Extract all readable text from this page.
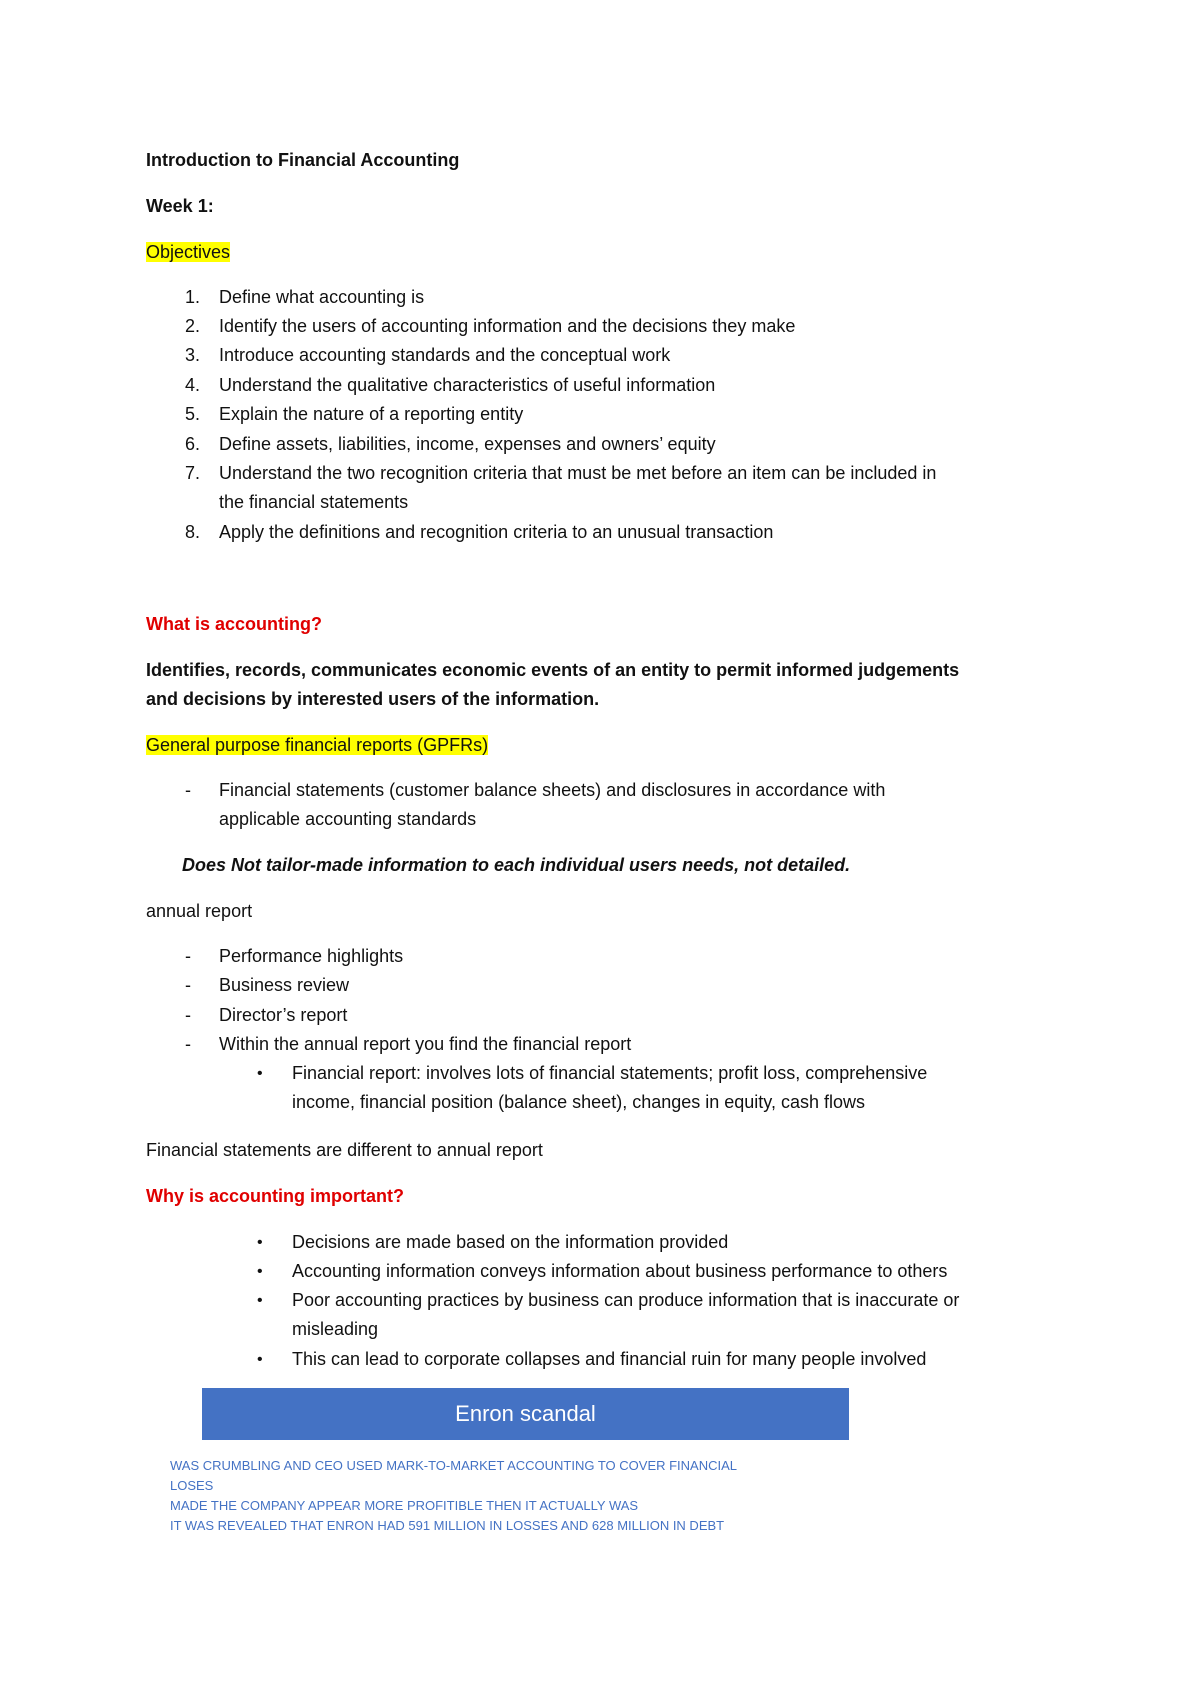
Introduction to Financial Accounting
Week 1:
Objectives
1.	Define what accounting is
2.	Identify the users of accounting information and the decisions they make
3.	Introduce accounting standards and the conceptual work
4.	Understand the qualitative characteristics of useful information
5.	Explain the nature of a reporting entity
6.	Define assets, liabilities, income, expenses and owners’ equity
7.	Understand the two recognition criteria that must be met before an item can be included in
the financial statements
8.	Apply the definitions and recognition criteria to an unusual transaction
What is accounting?
Identifies, records, communicates economic events of an entity to permit informed judgements
and decisions by interested users of the information.
General purpose financial reports (GPFRs)
- Financial statements (customer balance sheets) and disclosures in accordance with
applicable accounting standards
Does Not tailor-made information to each individual users needs, not detailed.
annual report
- Performance highlights
- Business review
- Director’s report
- Within the annual report you find the financial report
• Financial report: involves lots of financial statements; profit loss, comprehensive
income, financial position (balance sheet), changes in equity, cash flows
Financial statements are different to annual report
Why is accounting important?
• Decisions are made based on the information provided
• Accounting information conveys information about business performance to others
• Poor accounting practices by business can produce information that is inaccurate or
misleading
• This can lead to corporate collapses and financial ruin for many people involved
Enron scandal
WAS CRUMBLING AND CEO USED MARK-TO-MARKET ACCOUNTING TO COVER FINANCIAL
LOSES
MADE THE COMPANY APPEAR MORE PROFITIBLE THEN IT ACTUALLY WAS
IT WAS REVEALED THAT ENRON HAD 591 MILLION IN LOSSES AND 628 MILLION IN DEBT
